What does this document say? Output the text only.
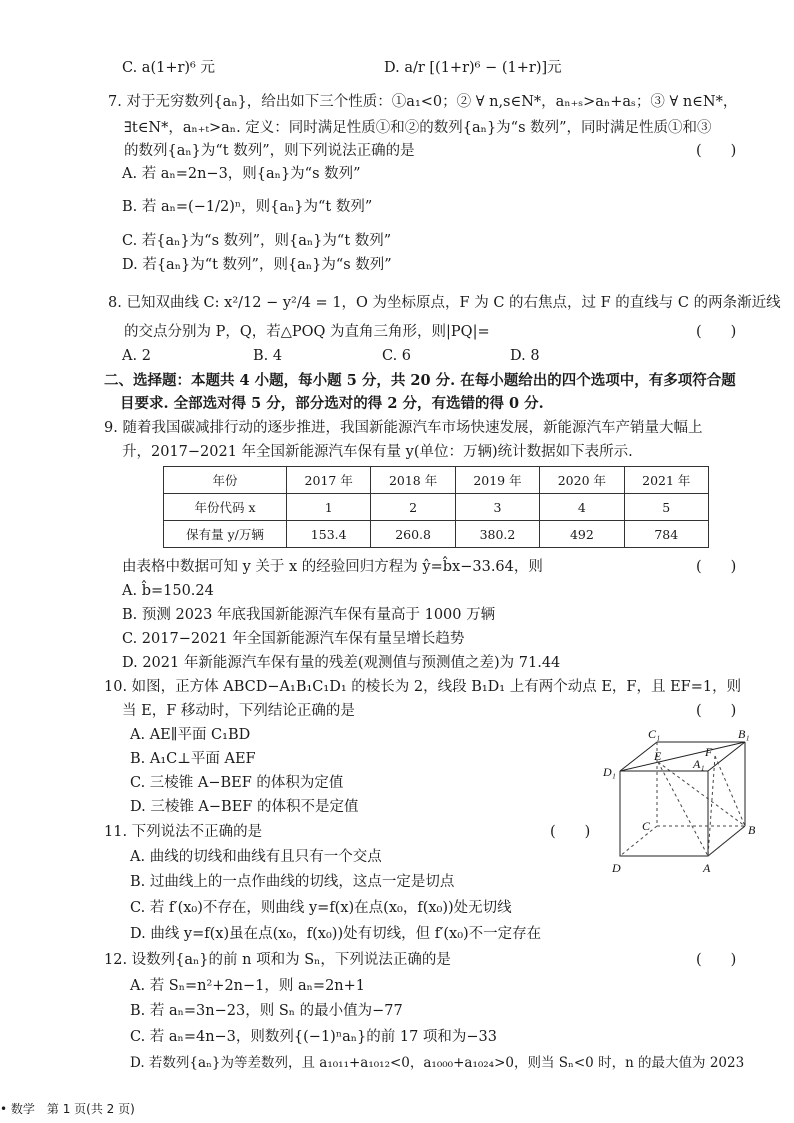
C. a(1+r)⁶ 元	D. a/r [(1+r)⁶ − (1+r)]元
7. 对于无穷数列{aₙ}，给出如下三个性质：①a₁<0；② ∀ n,s∈N*，aₙ₊ₛ>aₙ+aₛ；③ ∀ n∈N*，
∃t∈N*，aₙ₊ₜ>aₙ. 定义：同时满足性质①和②的数列{aₙ}为“s 数列”，同时满足性质①和③
的数列{aₙ}为“t 数列”，则下列说法正确的是	(　　)
A. 若 aₙ=2n−3，则{aₙ}为“s 数列”
B. 若 aₙ=(−1/2)ⁿ，则{aₙ}为“t 数列”
C. 若{aₙ}为“s 数列”，则{aₙ}为“t 数列”
D. 若{aₙ}为“t 数列”，则{aₙ}为“s 数列”
8. 已知双曲线 C: x²/12 − y²/4 = 1，O 为坐标原点，F 为 C 的右焦点，过 F 的直线与 C 的两条渐近线
的交点分别为 P，Q，若△POQ 为直角三角形，则|PQ|=	(　　)
A. 2	B. 4	C. 6	D. 8
二、选择题：本题共 4 小题，每小题 5 分，共 20 分. 在每小题给出的四个选项中，有多项符合题
目要求. 全部选对得 5 分，部分选对的得 2 分，有选错的得 0 分.
9. 随着我国碳减排行动的逐步推进，我国新能源汽车市场快速发展，新能源汽车产销量大幅上
升，2017−2021 年全国新能源汽车保有量 y(单位：万辆)统计数据如下表所示.
年份	2017 年	2018 年	2019 年	2020 年	2021 年
年份代码 x	1	2	3	4	5
保有量 y/万辆	153.4	260.8	380.2	492	784
由表格中数据可知 y 关于 x 的经验回归方程为 ŷ=b̂x−33.64，则	(　　)
A. b̂=150.24
B. 预测 2023 年底我国新能源汽车保有量高于 1000 万辆
C. 2017−2021 年全国新能源汽车保有量呈增长趋势
D. 2021 年新能源汽车保有量的残差(观测值与预测值之差)为 71.44
10. 如图，正方体 ABCD−A₁B₁C₁D₁ 的棱长为 2，线段 B₁D₁ 上有两个动点 E，F，且 EF=1，则
当 E，F 移动时，下列结论正确的是	(　　)
A. AE∥平面 C₁BD
B. A₁C⊥平面 AEF
C. 三棱锥 A−BEF 的体积为定值
D. 三棱锥 A−BEF 的体积不是定值
C₁	B₁
D₁
A₁
E	F
C	B
D	A
11. 下列说法不正确的是	(　　)
A. 曲线的切线和曲线有且只有一个交点
B. 过曲线上的一点作曲线的切线，这点一定是切点
C. 若 f′(x₀)不存在，则曲线 y=f(x)在点(x₀，f(x₀))处无切线
D. 曲线 y=f(x)虽在点(x₀，f(x₀))处有切线，但 f′(x₀)不一定存在
12. 设数列{aₙ}的前 n 项和为 Sₙ，下列说法正确的是	(　　)
A. 若 Sₙ=n²+2n−1，则 aₙ=2n+1
B. 若 aₙ=3n−23，则 Sₙ 的最小值为−77
C. 若 aₙ=4n−3，则数列{(−1)ⁿaₙ}的前 17 项和为−33
D. 若数列{aₙ}为等差数列，且 a₁₀₁₁+a₁₀₁₂<0，a₁₀₀₀+a₁₀₂₄>0，则当 Sₙ<0 时，n 的最大值为 2023
• 数学　第 1 页(共 2 页)
